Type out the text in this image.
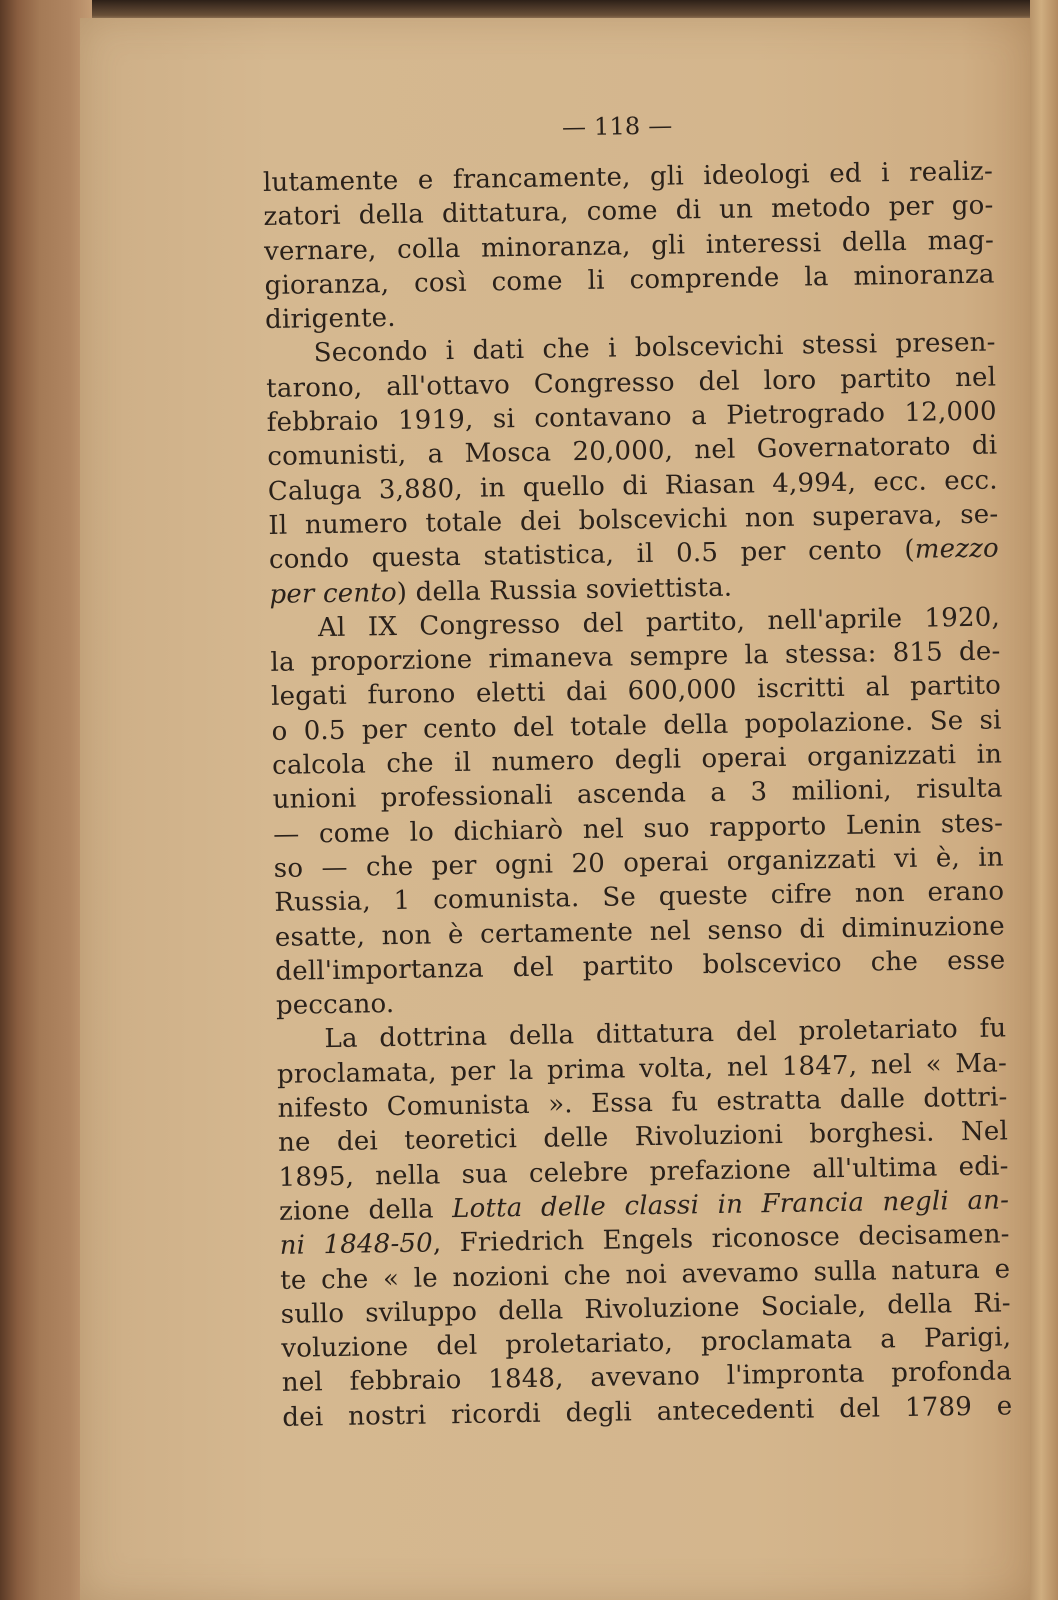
— 118 —
lutamente e francamente, gli ideologi ed i realiz-
zatori della dittatura, come di un metodo per go-
vernare, colla minoranza, gli interessi della mag-
gioranza, così come li comprende la minoranza
dirigente.
Secondo i dati che i bolscevichi stessi presen-
tarono, all'ottavo Congresso del loro partito nel
febbraio 1919, si contavano a Pietrogrado 12,000
comunisti, a Mosca 20,000, nel Governatorato di
Caluga 3,880, in quello di Riasan 4,994, ecc. ecc.
Il numero totale dei bolscevichi non superava, se-
condo questa statistica, il 0.5 per cento (mezzo
per cento) della Russia soviettista.
Al IX Congresso del partito, nell'aprile 1920,
la proporzione rimaneva sempre la stessa: 815 de-
legati furono eletti dai 600,000 iscritti al partito
o 0.5 per cento del totale della popolazione. Se si
calcola che il numero degli operai organizzati in
unioni professionali ascenda a 3 milioni, risulta
— come lo dichiarò nel suo rapporto Lenin stes-
so — che per ogni 20 operai organizzati vi è, in
Russia, 1 comunista. Se queste cifre non erano
esatte, non è certamente nel senso di diminuzione
dell'importanza del partito bolscevico che esse
peccano.
La dottrina della dittatura del proletariato fu
proclamata, per la prima volta, nel 1847, nel « Ma-
nifesto Comunista ». Essa fu estratta dalle dottri-
ne dei teoretici delle Rivoluzioni borghesi. Nel
1895, nella sua celebre prefazione all'ultima edi-
zione della Lotta delle classi in Francia negli an-
ni 1848-50, Friedrich Engels riconosce decisamen-
te che « le nozioni che noi avevamo sulla natura e
sullo sviluppo della Rivoluzione Sociale, della Ri-
voluzione del proletariato, proclamata a Parigi,
nel febbraio 1848, avevano l'impronta profonda
dei nostri ricordi degli antecedenti del 1789 e
